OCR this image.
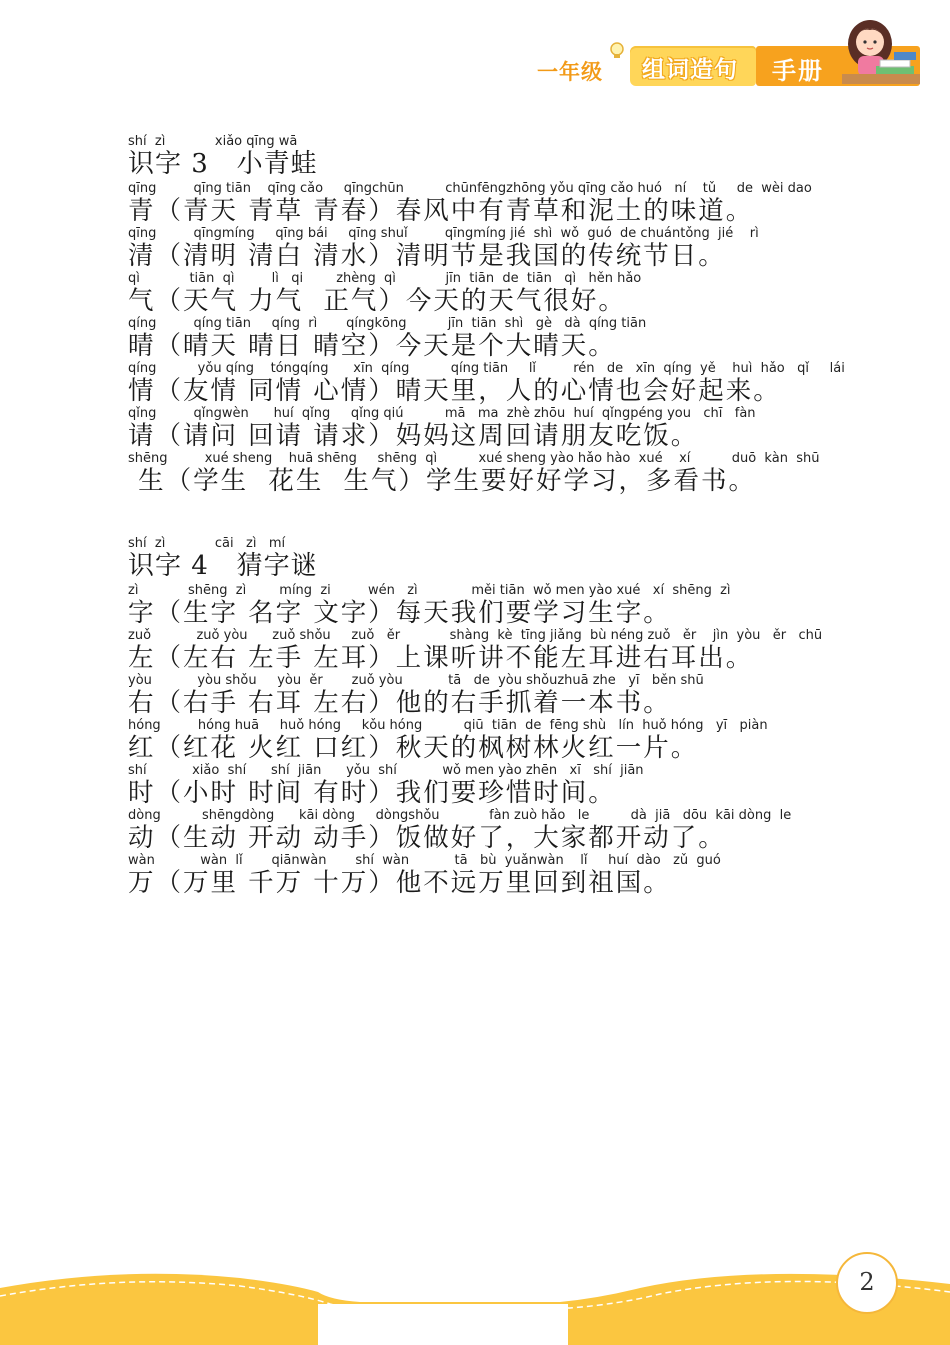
一年级 组词造句 手册
shí  zì            xiǎo qīng wā
识字 3   小青蛙
qīng         qīng tiān    qīng cǎo     qīngchūn          chūnfēngzhōng yǒu qīng cǎo huó   ní    tǔ     de  wèi dao
青（青天 青草 青春）春风中有青草和泥土的味道。
qīng         qīngmíng     qīng bái     qīng shuǐ         qīngmíng jié  shì  wǒ  guó  de chuántǒng  jié    rì
清（清明 清白 清水）清明节是我国的传统节日。
qì            tiān  qì         lì   qi        zhèng  qì            jīn  tiān  de  tiān   qì   hěn hǎo
气（天气 力气  正气）今天的天气很好。
qíng         qíng tiān     qíng  rì       qíngkōng          jīn  tiān  shì   gè   dà  qíng tiān
晴（晴天 晴日 晴空）今天是个大晴天。
qíng          yǒu qíng    tóngqíng      xīn  qíng          qíng tiān     lǐ         rén   de   xīn  qíng  yě    huì  hǎo   qǐ     lái
情（友情 同情 心情）晴天里，人的心情也会好起来。
qǐng         qǐngwèn      huí  qǐng     qǐng qiú          mā   ma  zhè zhōu  huí  qǐngpéng you   chī   fàn
请（请问 回请 请求）妈妈这周回请朋友吃饭。
shēng         xué sheng    huā shēng     shēng  qì          xué sheng yào hǎo hào  xué    xí          duō  kàn  shū
生（学生  花生  生气）学生要好好学习，多看书。
shí  zì            cāi   zì   mí
识字 4   猜字谜
zì            shēng  zì        míng  zi         wén   zì             měi tiān  wǒ men yào xué   xí  shēng  zì
字（生字 名字 文字）每天我们要学习生字。
zuǒ           zuǒ yòu      zuǒ shǒu     zuǒ   ěr            shàng  kè  tīng jiǎng  bù néng zuǒ   ěr    jìn  yòu   ěr   chū
左（左右 左手 左耳）上课听讲不能左耳进右耳出。
yòu           yòu shǒu     yòu  ěr       zuǒ yòu           tā   de  yòu shǒuzhuā zhe   yī   běn shū
右（右手 右耳 左右）他的右手抓着一本书。
hóng         hóng huā     huǒ hóng     kǒu hóng          qiū  tiān  de  fēng shù   lín  huǒ hóng   yī   piàn
红（红花 火红 口红）秋天的枫树林火红一片。
shí           xiǎo  shí      shí  jiān      yǒu  shí           wǒ men yào zhēn   xī   shí  jiān
时（小时 时间 有时）我们要珍惜时间。
dòng          shēngdòng      kāi dòng     dòngshǒu            fàn zuò hǎo   le          dà  jiā   dōu  kāi dòng  le
动（生动 开动 动手）饭做好了，大家都开动了。
wàn           wàn  lǐ       qiānwàn       shí  wàn           tā   bù  yuǎnwàn    lǐ     huí  dào   zǔ  guó
万（万里 千万 十万）他不远万里回到祖国。
2
